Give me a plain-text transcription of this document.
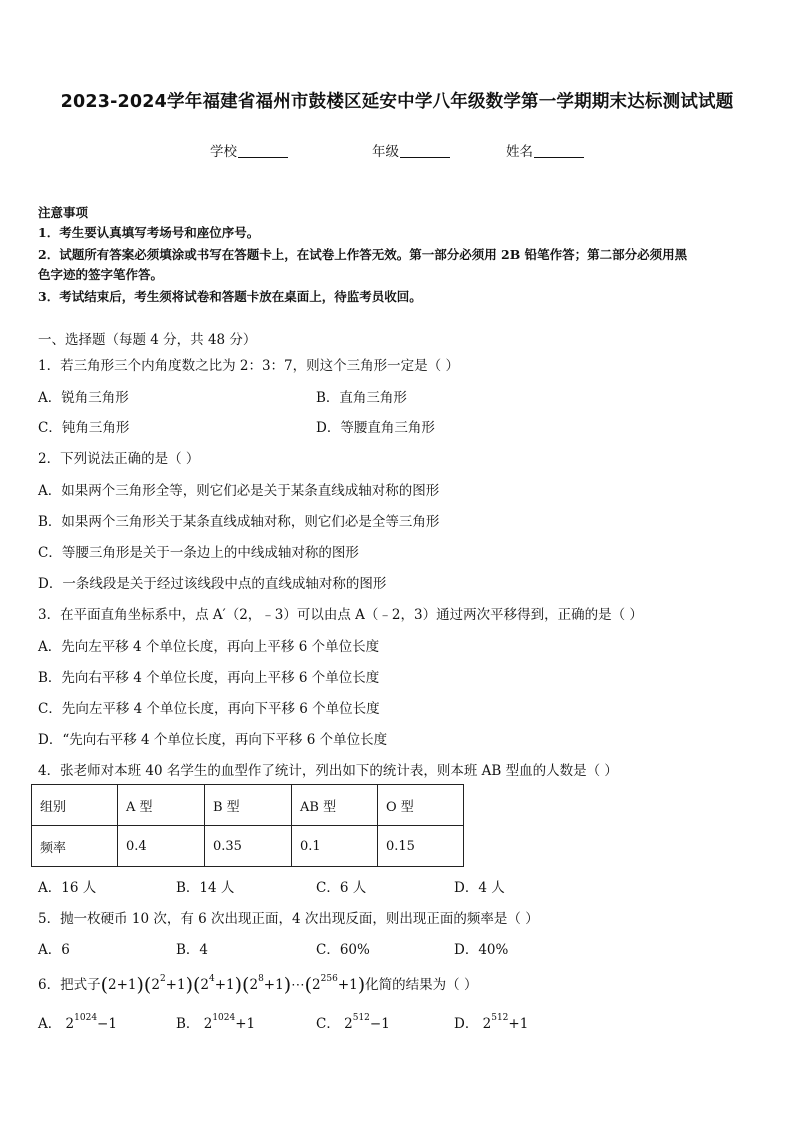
2023-2024学年福建省福州市鼓楼区延安中学八年级数学第一学期期末达标测试试题
学校	年级	姓名
注意事项
1．考生要认真填写考场号和座位序号。
2．试题所有答案必须填涂或书写在答题卡上，在试卷上作答无效。第一部分必须用 2B 铅笔作答；第二部分必须用黑
色字迹的签字笔作答。
3．考试结束后，考生须将试卷和答题卡放在桌面上，待监考员收回。
一、选择题（每题 4 分，共 48 分）
1．若三角形三个内角度数之比为 2：3：7，则这个三角形一定是（ ）
A．锐角三角形	B．直角三角形
C．钝角三角形	D．等腰直角三角形
2．下列说法正确的是（ ）
A．如果两个三角形全等，则它们必是关于某条直线成轴对称的图形
B．如果两个三角形关于某条直线成轴对称，则它们必是全等三角形
C．等腰三角形是关于一条边上的中线成轴对称的图形
D．一条线段是关于经过该线段中点的直线成轴对称的图形
3．在平面直角坐标系中，点 A′（2，﹣3）可以由点 A（﹣2，3）通过两次平移得到，正确的是（ ）
A．先向左平移 4 个单位长度，再向上平移 6 个单位长度
B．先向右平移 4 个单位长度，再向上平移 6 个单位长度
C．先向左平移 4 个单位长度，再向下平移 6 个单位长度
D．“先向右平移 4 个单位长度，再向下平移 6 个单位长度
4．张老师对本班 40 名学生的血型作了统计，列出如下的统计表，则本班 AB 型血的人数是（ ）
组别	A 型	B 型	AB 型	O 型
频率	0.4	0.35	0.1	0.15
A．16 人	B．14 人	C．6 人	D．4 人
5．抛一枚硬币 10 次，有 6 次出现正面，4 次出现反面，则出现正面的频率是（ ）
A．6	B．4	C．60%	D．40%
6．把式子$(2+1)(2^2+1)(2^4+1)(2^8+1)\cdots(2^{256}+1)$化简的结果为（ ）
A． $2^{1024}-1$	B． $2^{1024}+1$	C． $2^{512}-1$	D． $2^{512}+1$
